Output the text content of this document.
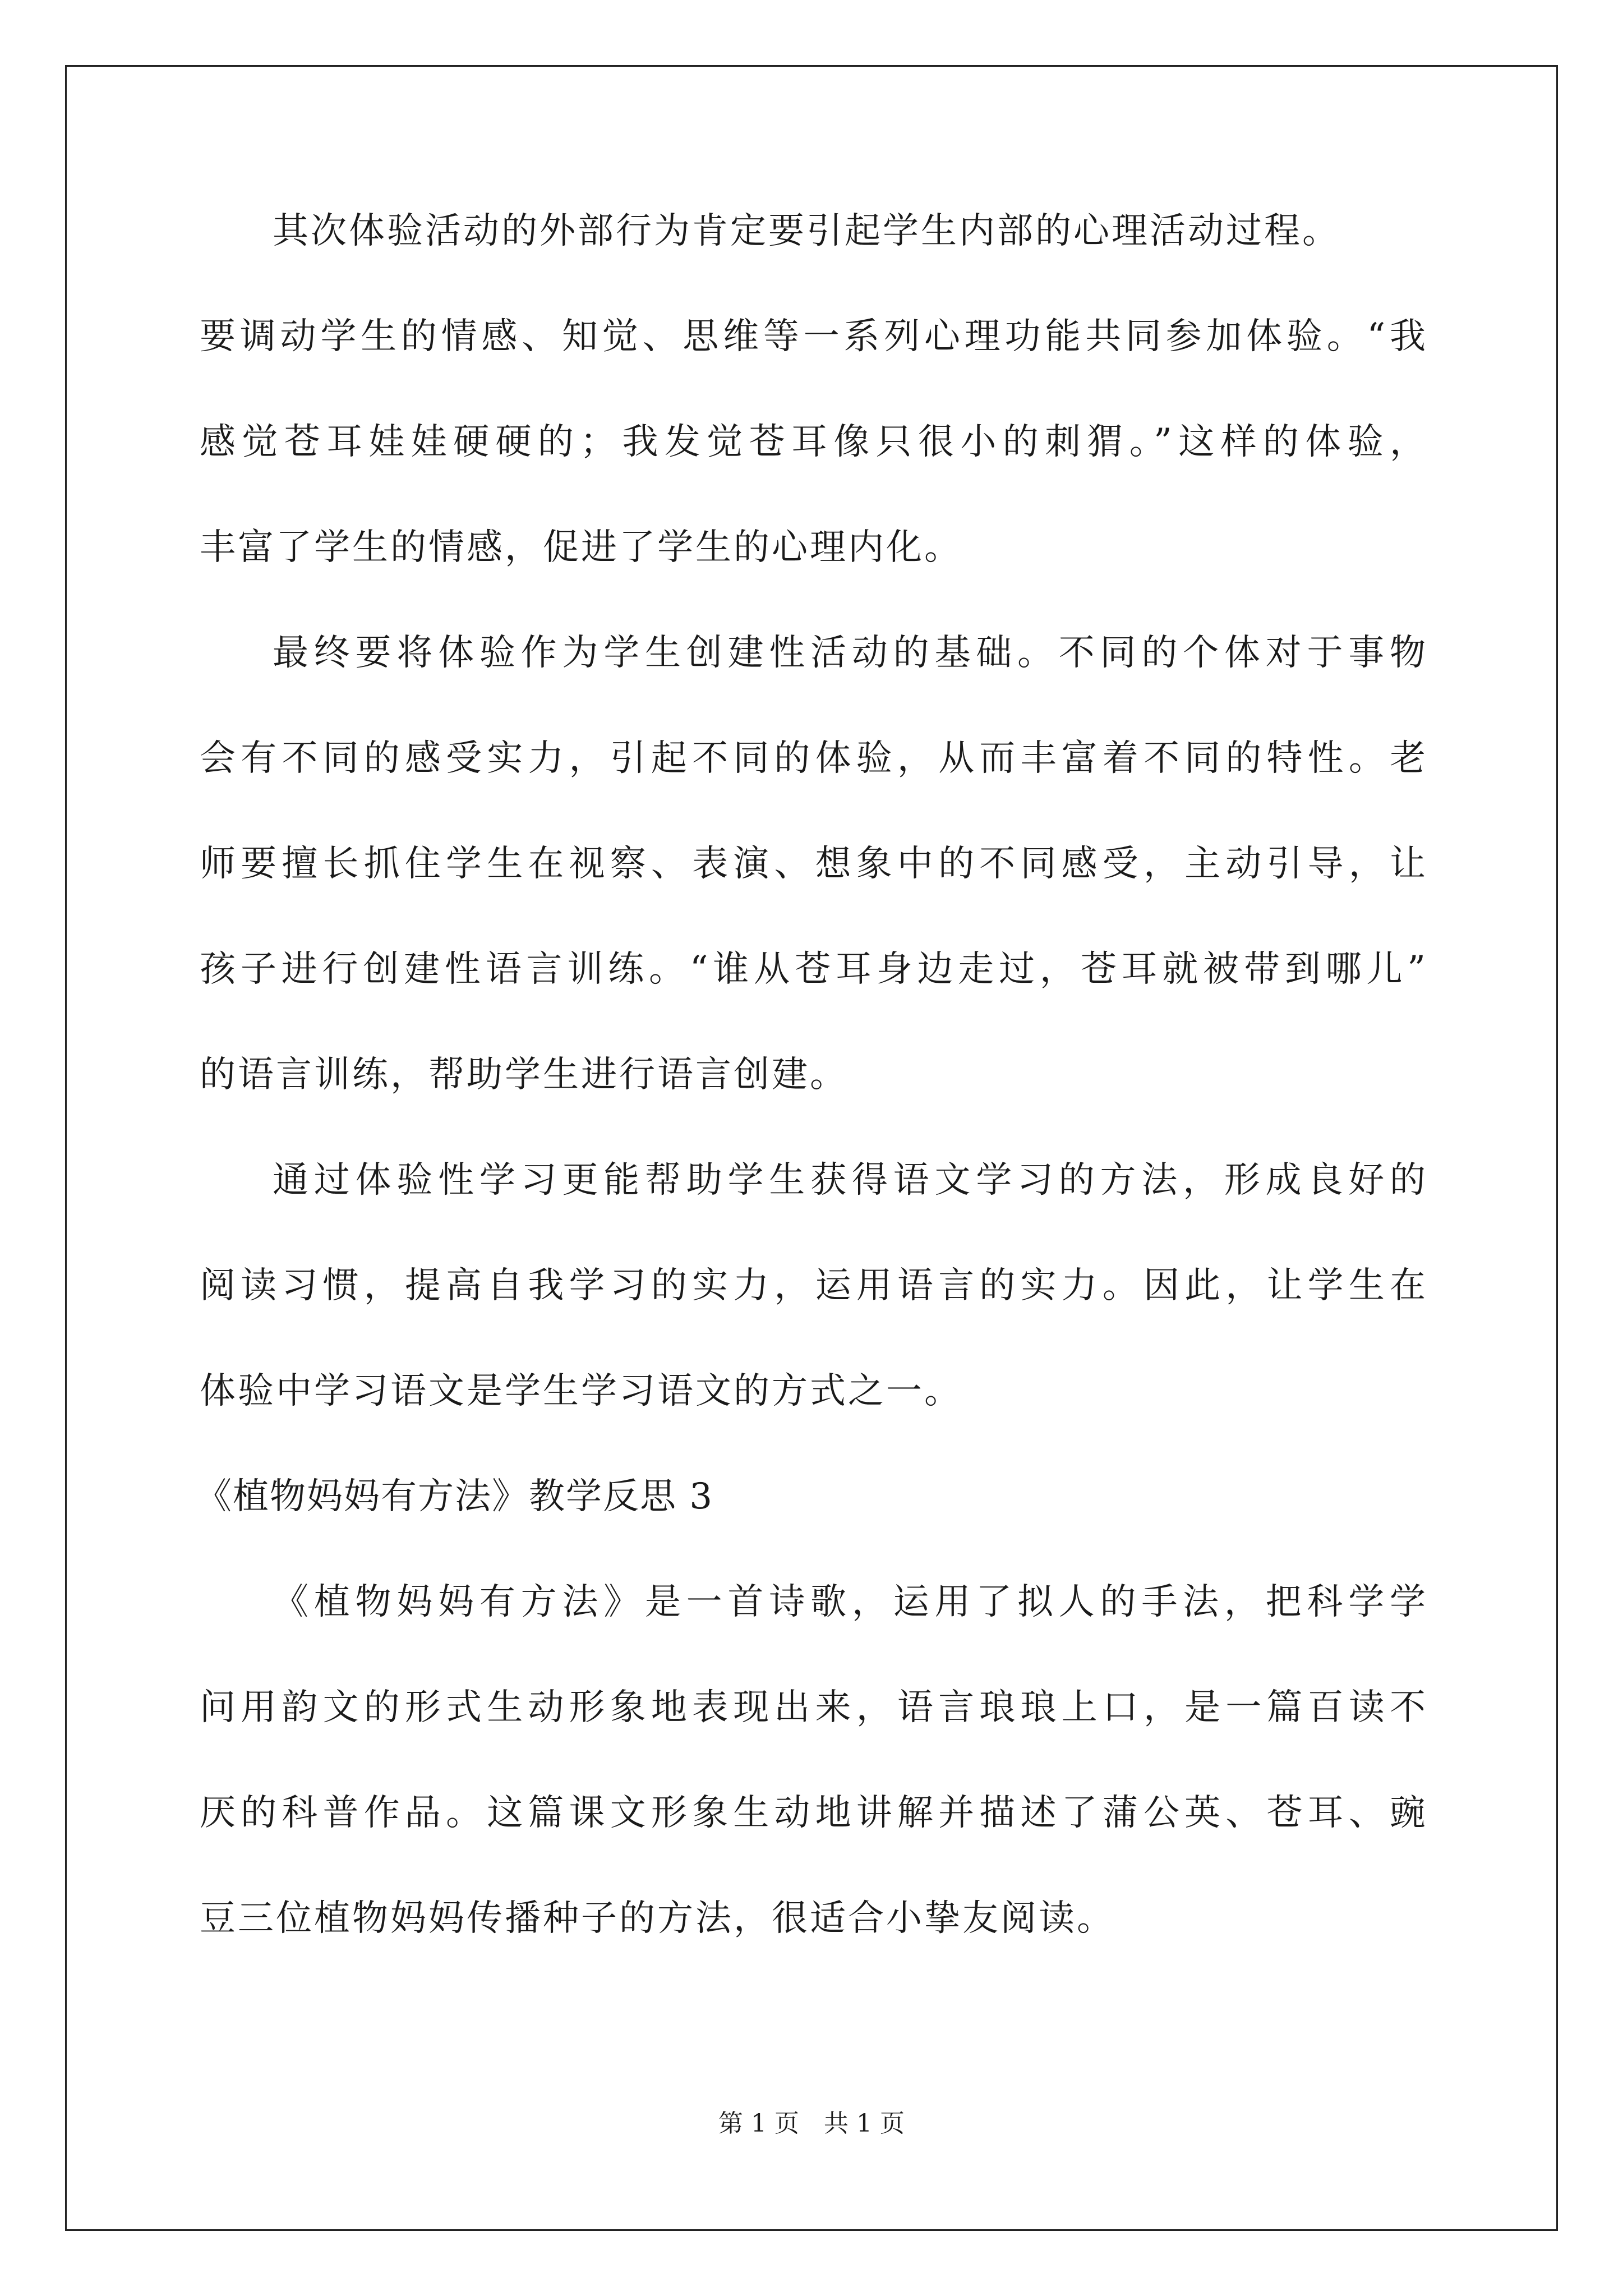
其次体验活动的外部行为肯定要引起学生内部的心理活动过程。
要调动学生的情感、知觉、思维等一系列心理功能共同参加体验。“我
感觉苍耳娃娃硬硬的；我发觉苍耳像只很小的刺猬。”这样的体验，
丰富了学生的情感，促进了学生的心理内化。
最终要将体验作为学生创建性活动的基础。不同的个体对于事物
会有不同的感受实力，引起不同的体验，从而丰富着不同的特性。老
师要擅长抓住学生在视察、表演、想象中的不同感受，主动引导，让
孩子进行创建性语言训练。“谁从苍耳身边走过，苍耳就被带到哪儿”
的语言训练，帮助学生进行语言创建。
通过体验性学习更能帮助学生获得语文学习的方法，形成良好的
阅读习惯，提高自我学习的实力，运用语言的实力。因此，让学生在
体验中学习语文是学生学习语文的方式之一。
《植物妈妈有方法》教学反思 3
《植物妈妈有方法》是一首诗歌，运用了拟人的手法，把科学学
问用韵文的形式生动形象地表现出来，语言琅琅上口，是一篇百读不
厌的科普作品。这篇课文形象生动地讲解并描述了蒲公英、苍耳、豌
豆三位植物妈妈传播种子的方法，很适合小挚友阅读。
第 1 页　共 1 页
